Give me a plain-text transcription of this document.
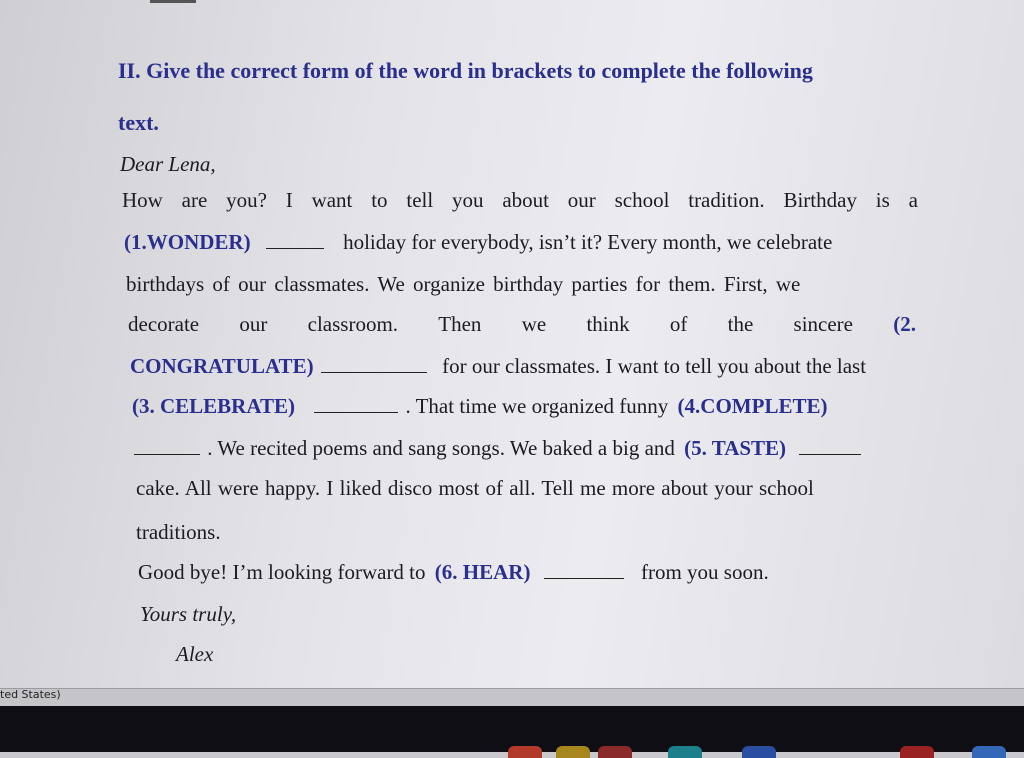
II. Give the correct form of the word in brackets to complete the following
text.
Dear Lena,
How are you? I want to tell you about our school tradition. Birthday is a
(1.WONDER)	holiday for everybody, isn’t it? Every month, we celebrate
birthdays of our classmates. We organize birthday parties for them. First, we
decorate our classroom. Then we think of the sincere (2.
CONGRATULATE)	for our classmates. I want to tell you about the last
(3. CELEBRATE)	. That time we organized funny (4.COMPLETE)
. We recited poems and sang songs. We baked a big and (5. TASTE)
cake. All were happy. I liked disco most of all. Tell me more about your school
traditions.
Good bye! I’m looking forward to (6. HEAR)	from you soon.
Yours truly,
Alex
ted States)
